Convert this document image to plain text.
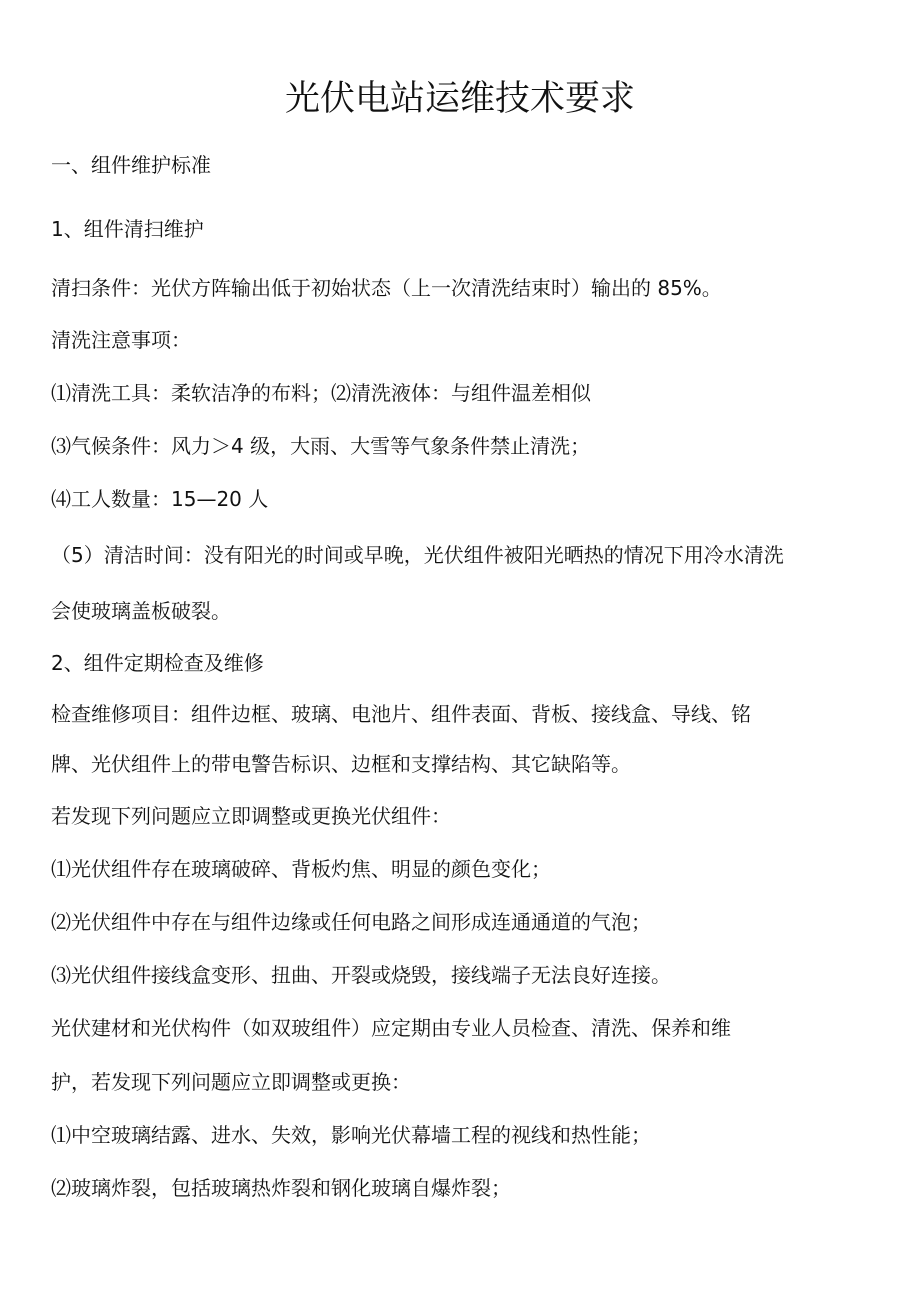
光伏电站运维技术要求

一、组件维护标准

1、组件清扫维护

清扫条件：光伏方阵输出低于初始状态（上一次清洗结束时）输出的 85%。

清洗注意事项：

⑴清洗工具：柔软洁净的布料；⑵清洗液体：与组件温差相似

⑶气候条件：风力＞4 级，大雨、大雪等气象条件禁止清洗；

⑷工人数量：15—20 人

（5）清洁时间：没有阳光的时间或早晚，光伏组件被阳光晒热的情况下用冷水清洗

会使玻璃盖板破裂。

2、组件定期检查及维修

检查维修项目：组件边框、玻璃、电池片、组件表面、背板、接线盒、导线、铭

牌、光伏组件上的带电警告标识、边框和支撑结构、其它缺陷等。

若发现下列问题应立即调整或更换光伏组件：

⑴光伏组件存在玻璃破碎、背板灼焦、明显的颜色变化；

⑵光伏组件中存在与组件边缘或任何电路之间形成连通通道的气泡；

⑶光伏组件接线盒变形、扭曲、开裂或烧毁，接线端子无法良好连接。

光伏建材和光伏构件（如双玻组件）应定期由专业人员检查、清洗、保养和维

护，若发现下列问题应立即调整或更换：

⑴中空玻璃结露、进水、失效，影响光伏幕墙工程的视线和热性能；

⑵玻璃炸裂，包括玻璃热炸裂和钢化玻璃自爆炸裂；
